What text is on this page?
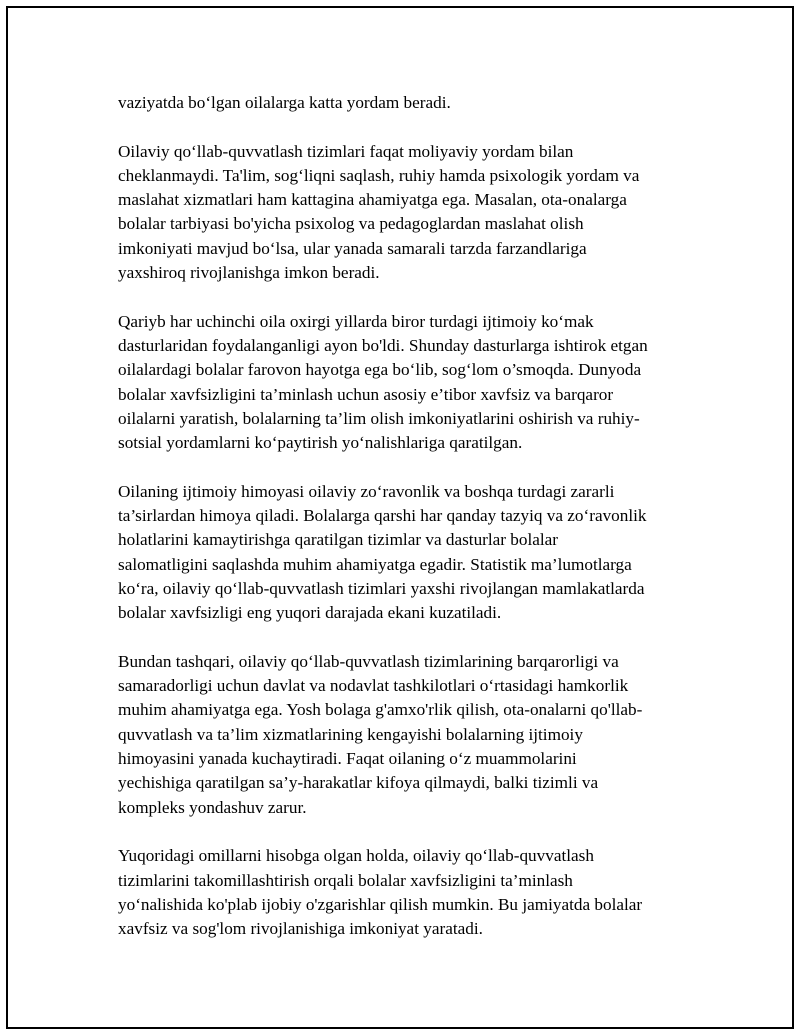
vaziyatda bo‘lgan oilalarga katta yordam beradi.

Oilaviy qo‘llab-quvvatlash tizimlari faqat moliyaviy yordam bilan
cheklanmaydi. Ta'lim, sog‘liqni saqlash, ruhiy hamda psixologik yordam va
maslahat xizmatlari ham kattagina ahamiyatga ega. Masalan, ota-onalarga
bolalar tarbiyasi bo'yicha psixolog va pedagoglardan maslahat olish
imkoniyati mavjud bo‘lsa, ular yanada samarali tarzda farzandlariga
yaxshiroq rivojlanishga imkon beradi.

Qariyb har uchinchi oila oxirgi yillarda biror turdagi ijtimoiy ko‘mak
dasturlaridan foydalanganligi ayon bo'ldi. Shunday dasturlarga ishtirok etgan
oilalardagi bolalar farovon hayotga ega bo‘lib, sog‘lom o’smoqda. Dunyoda
bolalar xavfsizligini ta’minlash uchun asosiy e’tibor xavfsiz va barqaror
oilalarni yaratish, bolalarning ta’lim olish imkoniyatlarini oshirish va ruhiy-
sotsial yordamlarni ko‘paytirish yo‘nalishlariga qaratilgan.

Oilaning ijtimoiy himoyasi oilaviy zo‘ravonlik va boshqa turdagi zararli
ta’sirlardan himoya qiladi. Bolalarga qarshi har qanday tazyiq va zo‘ravonlik
holatlarini kamaytirishga qaratilgan tizimlar va dasturlar bolalar
salomatligini saqlashda muhim ahamiyatga egadir. Statistik ma’lumotlarga
ko‘ra, oilaviy qo‘llab-quvvatlash tizimlari yaxshi rivojlangan mamlakatlarda
bolalar xavfsizligi eng yuqori darajada ekani kuzatiladi.

Bundan tashqari, oilaviy qo‘llab-quvvatlash tizimlarining barqarorligi va
samaradorligi uchun davlat va nodavlat tashkilotlari o‘rtasidagi hamkorlik
muhim ahamiyatga ega. Yosh bolaga g'amxo'rlik qilish, ota-onalarni qo'llab-
quvvatlash va ta’lim xizmatlarining kengayishi bolalarning ijtimoiy
himoyasini yanada kuchaytiradi. Faqat oilaning o‘z muammolarini
yechishiga qaratilgan sa’y-harakatlar kifoya qilmaydi, balki tizimli va
kompleks yondashuv zarur.

Yuqoridagi omillarni hisobga olgan holda, oilaviy qo‘llab-quvvatlash
tizimlarini takomillashtirish orqali bolalar xavfsizligini ta’minlash
yo‘nalishida ko'plab ijobiy o'zgarishlar qilish mumkin. Bu jamiyatda bolalar
xavfsiz va sog'lom rivojlanishiga imkoniyat yaratadi.
